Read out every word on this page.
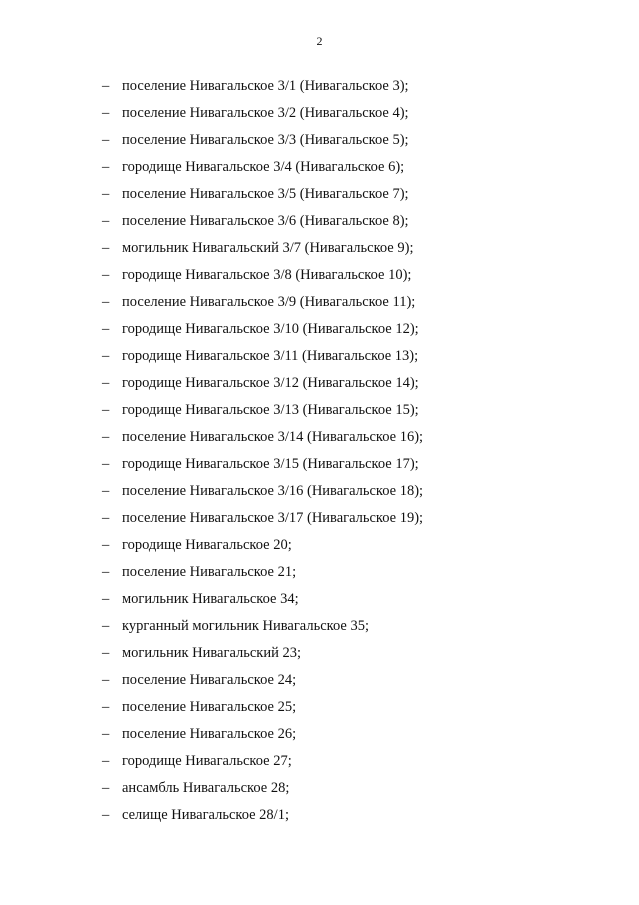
2
– поселение Нивагальское 3/1 (Нивагальское 3);
– поселение Нивагальское 3/2 (Нивагальское 4);
– поселение Нивагальское 3/3 (Нивагальское 5);
– городище Нивагальское 3/4 (Нивагальское 6);
– поселение Нивагальское 3/5 (Нивагальское 7);
– поселение Нивагальское 3/6 (Нивагальское 8);
– могильник Нивагальский 3/7 (Нивагальское 9);
– городище Нивагальское 3/8 (Нивагальское 10);
– поселение Нивагальское 3/9 (Нивагальское 11);
– городище Нивагальское 3/10 (Нивагальское 12);
– городище Нивагальское 3/11 (Нивагальское 13);
– городище Нивагальское 3/12 (Нивагальское 14);
– городище Нивагальское 3/13 (Нивагальское 15);
– поселение Нивагальское 3/14 (Нивагальское 16);
– городище Нивагальское 3/15 (Нивагальское 17);
– поселение Нивагальское 3/16 (Нивагальское 18);
– поселение Нивагальское 3/17 (Нивагальское 19);
– городище Нивагальское 20;
– поселение Нивагальское 21;
– могильник Нивагальское 34;
– курганный могильник Нивагальское 35;
– могильник Нивагальский 23;
– поселение Нивагальское 24;
– поселение Нивагальское 25;
– поселение Нивагальское 26;
– городище Нивагальское 27;
– ансамбль Нивагальское 28;
– селище Нивагальское 28/1;
